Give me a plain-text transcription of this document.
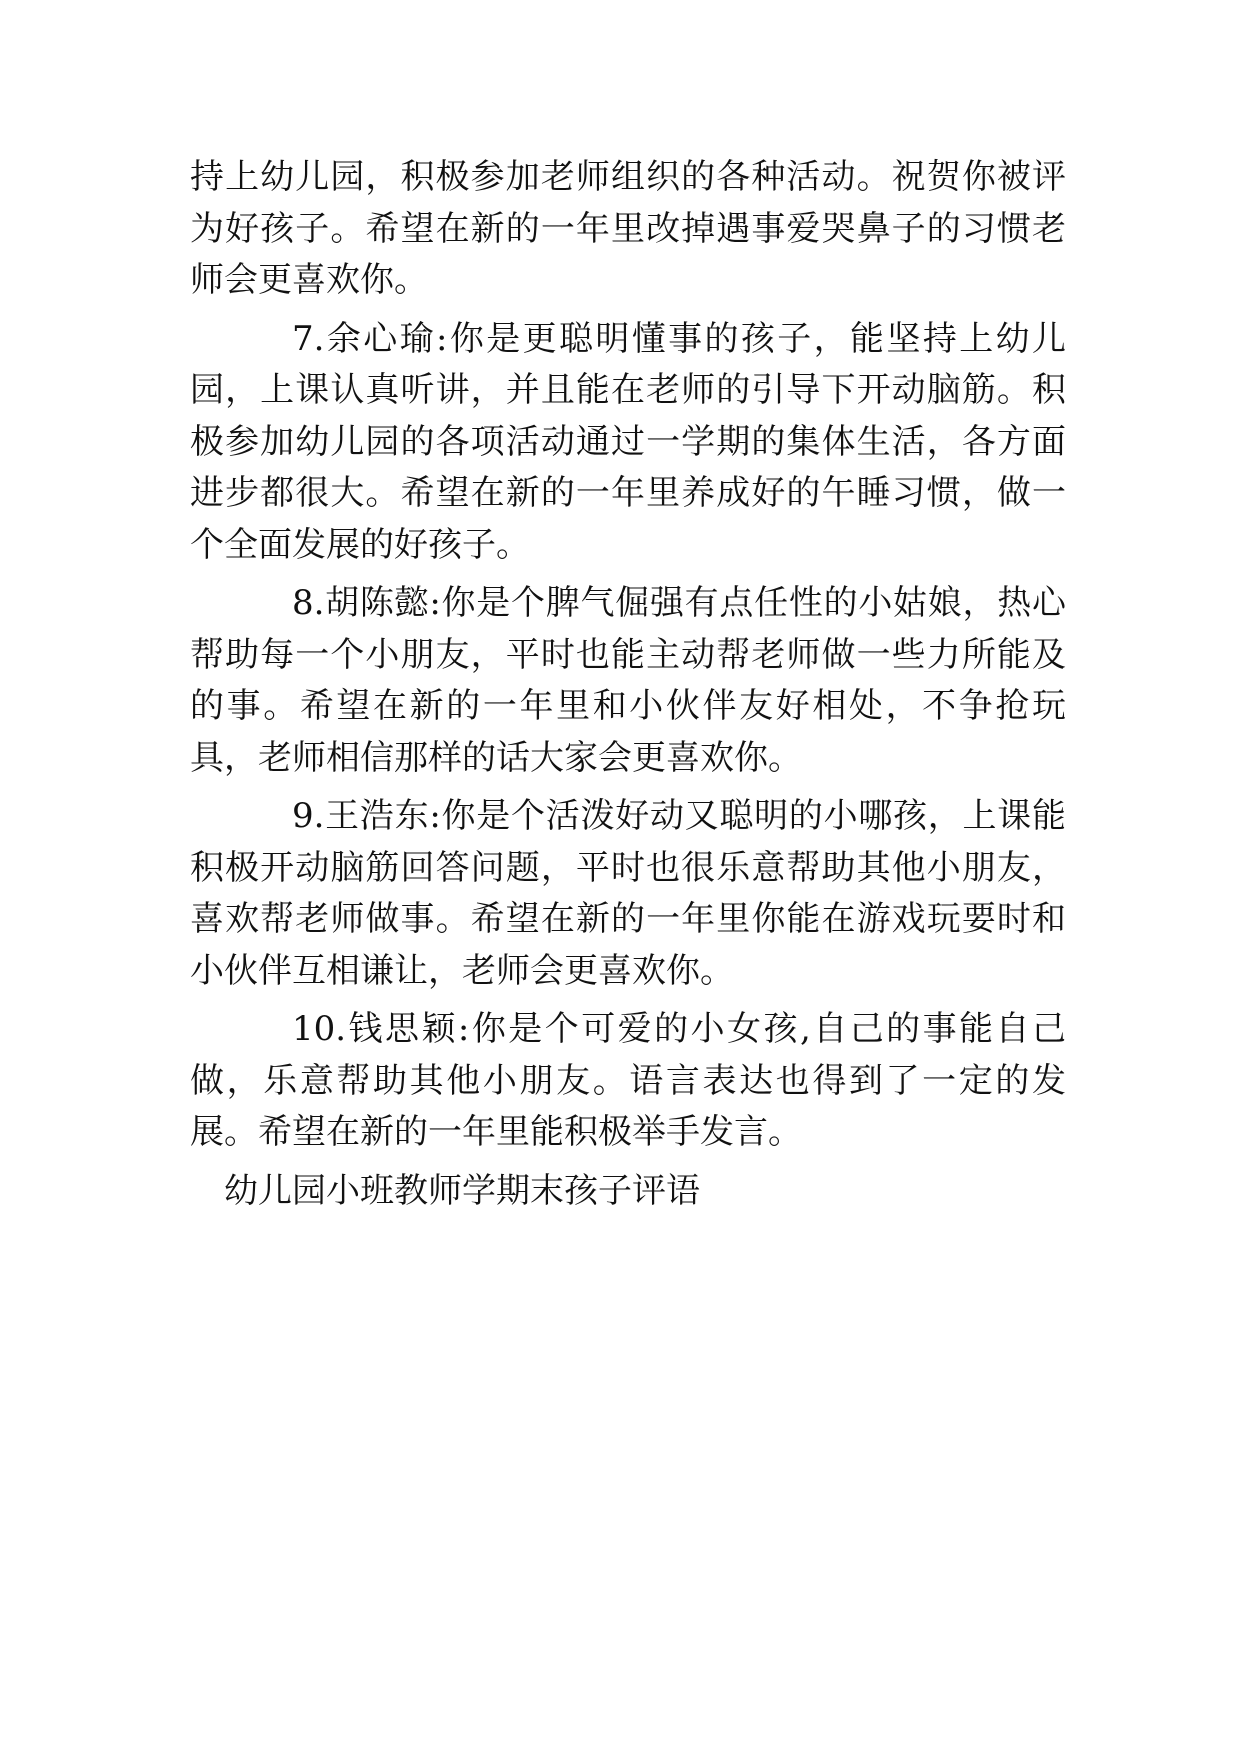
持上幼儿园，积极参加老师组织的各种活动。祝贺你被评为好孩子。希望在新的一年里改掉遇事爱哭鼻子的习惯老师会更喜欢你。

7.余心瑜:你是更聪明懂事的孩子，能坚持上幼儿园，上课认真听讲，并且能在老师的引导下开动脑筋。积极参加幼儿园的各项活动通过一学期的集体生活，各方面进步都很大。希望在新的一年里养成好的午睡习惯，做一个全面发展的好孩子。

8.胡陈懿:你是个脾气倔强有点任性的小姑娘，热心帮助每一个小朋友，平时也能主动帮老师做一些力所能及的事。希望在新的一年里和小伙伴友好相处，不争抢玩具，老师相信那样的话大家会更喜欢你。

9.王浩东:你是个活泼好动又聪明的小哪孩，上课能积极开动脑筋回答问题，平时也很乐意帮助其他小朋友，喜欢帮老师做事。希望在新的一年里你能在游戏玩要时和小伙伴互相谦让，老师会更喜欢你。

10.钱思颖:你是个可爱的小女孩,自己的事能自己做，乐意帮助其他小朋友。语言表达也得到了一定的发展。希望在新的一年里能积极举手发言。

幼儿园小班教师学期末孩子评语
